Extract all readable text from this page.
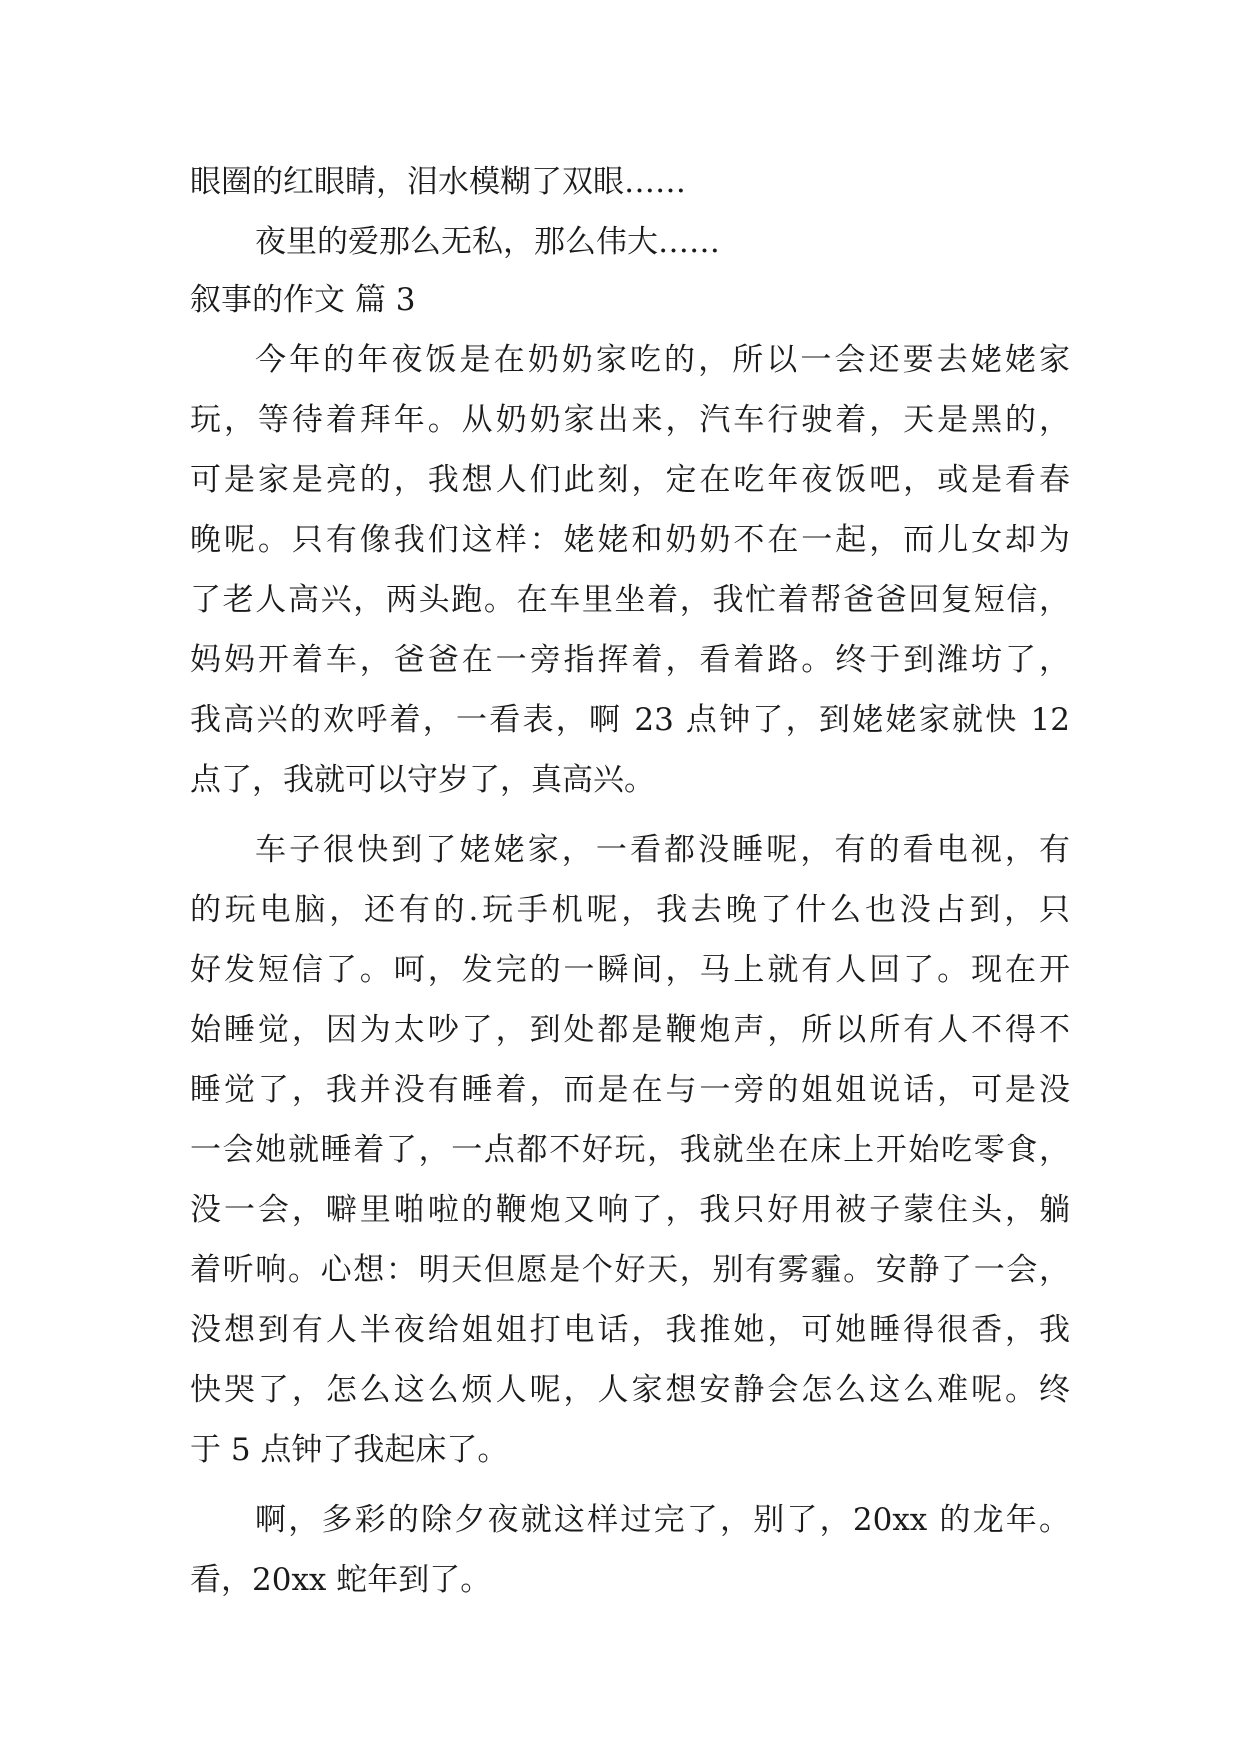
眼圈的红眼睛，泪水模糊了双眼……
夜里的爱那么无私，那么伟大……
叙事的作文 篇 3
今年的年夜饭是在奶奶家吃的，所以一会还要去姥姥家
玩，等待着拜年。从奶奶家出来，汽车行驶着，天是黑的，
可是家是亮的，我想人们此刻，定在吃年夜饭吧，或是看春
晚呢。只有像我们这样：姥姥和奶奶不在一起，而儿女却为
了老人高兴，两头跑。在车里坐着，我忙着帮爸爸回复短信，
妈妈开着车，爸爸在一旁指挥着，看着路。终于到潍坊了，
我高兴的欢呼着，一看表，啊 23 点钟了，到姥姥家就快 12
点了，我就可以守岁了，真高兴。
车子很快到了姥姥家，一看都没睡呢，有的看电视，有
的玩电脑，还有的.玩手机呢，我去晚了什么也没占到，只
好发短信了。呵，发完的一瞬间，马上就有人回了。现在开
始睡觉，因为太吵了，到处都是鞭炮声，所以所有人不得不
睡觉了，我并没有睡着，而是在与一旁的姐姐说话，可是没
一会她就睡着了，一点都不好玩，我就坐在床上开始吃零食，
没一会，噼里啪啦的鞭炮又响了，我只好用被子蒙住头，躺
着听响。心想：明天但愿是个好天，别有雾霾。安静了一会，
没想到有人半夜给姐姐打电话，我推她，可她睡得很香，我
快哭了，怎么这么烦人呢，人家想安静会怎么这么难呢。终
于 5 点钟了我起床了。
啊，多彩的除夕夜就这样过完了，别了，20xx 的龙年。
看，20xx 蛇年到了。
